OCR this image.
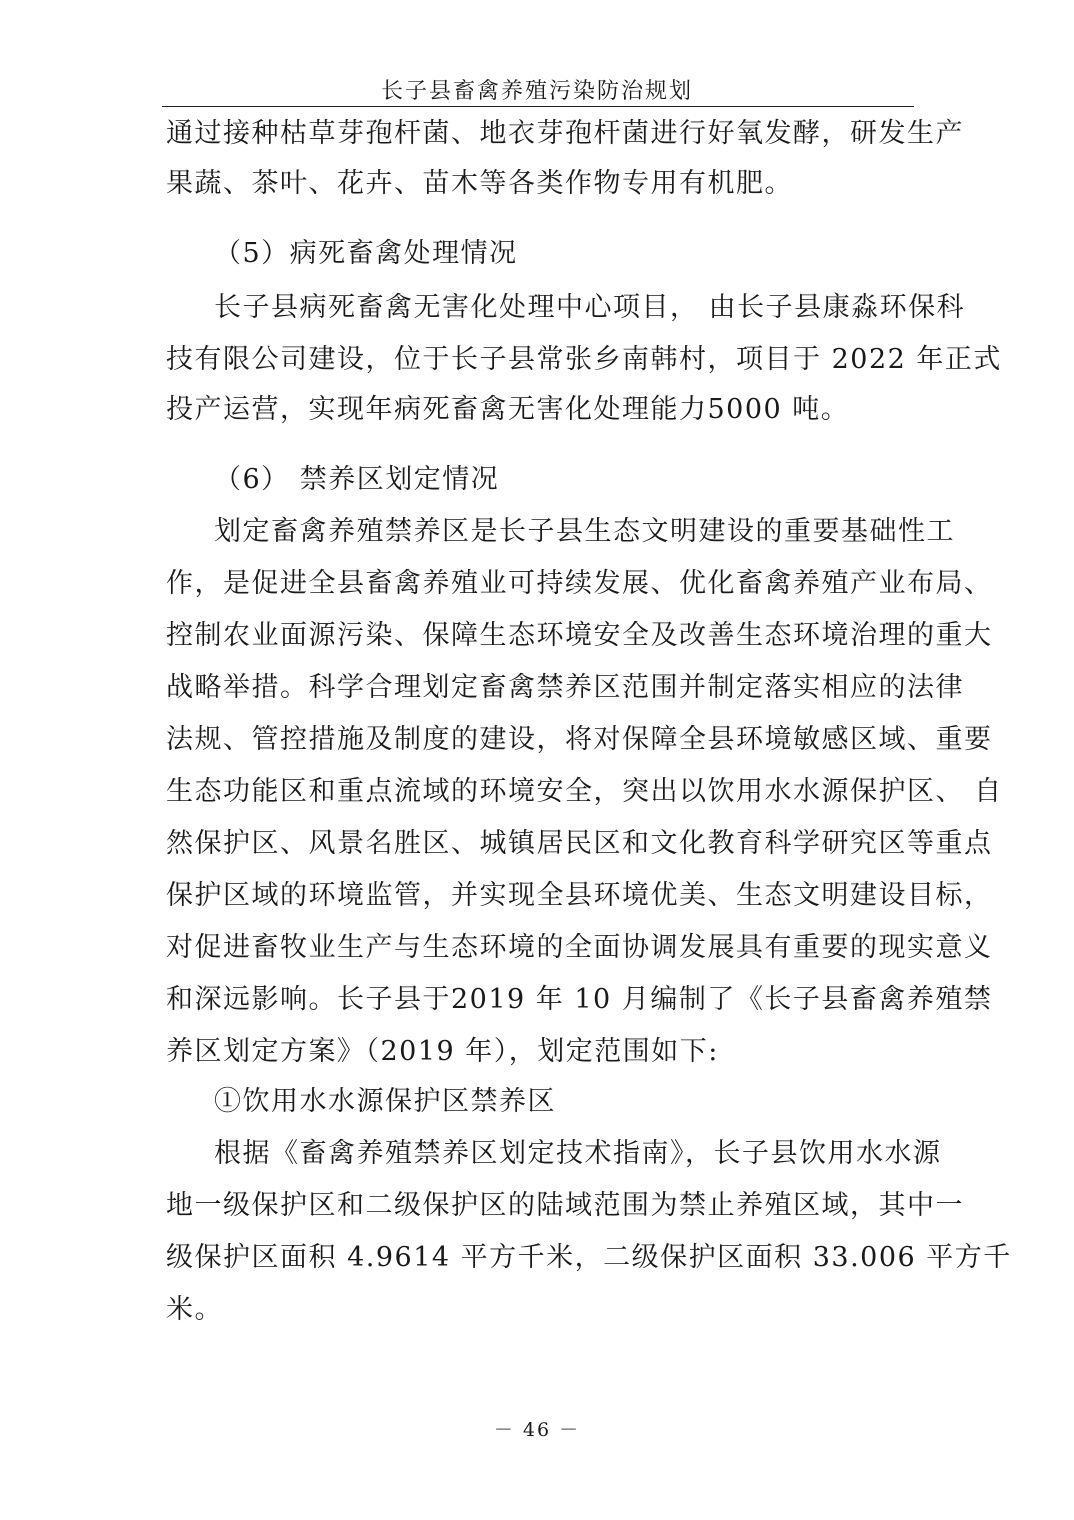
长子县畜禽养殖污染防治规划
通过接种枯草芽孢杆菌、地衣芽孢杆菌进行好氧发酵，研发生产
果蔬、茶叶、花卉、苗木等各类作物专用有机肥。
（5）病死畜禽处理情况
长子县病死畜禽无害化处理中心项目， 由长子县康淼环保科
技有限公司建设，位于长子县常张乡南韩村，项目于 2022 年正式
投产运营，实现年病死畜禽无害化处理能力5000 吨。
（6） 禁养区划定情况
划定畜禽养殖禁养区是长子县生态文明建设的重要基础性工
作，是促进全县畜禽养殖业可持续发展、优化畜禽养殖产业布局、
控制农业面源污染、保障生态环境安全及改善生态环境治理的重大
战略举措。科学合理划定畜禽禁养区范围并制定落实相应的法律
法规、管控措施及制度的建设，将对保障全县环境敏感区域、重要
生态功能区和重点流域的环境安全，突出以饮用水水源保护区、 自
然保护区、风景名胜区、城镇居民区和文化教育科学研究区等重点
保护区域的环境监管，并实现全县环境优美、生态文明建设目标，
对促进畜牧业生产与生态环境的全面协调发展具有重要的现实意义
和深远影响。长子县于2019 年 10 月编制了《长子县畜禽养殖禁
养区划定方案》（2019 年），划定范围如下:
①饮用水水源保护区禁养区
根据《畜禽养殖禁养区划定技术指南》，长子县饮用水水源
地一级保护区和二级保护区的陆域范围为禁止养殖区域，其中一
级保护区面积 4.9614 平方千米，二级保护区面积 33.006 平方千
米。
－ 46 －
